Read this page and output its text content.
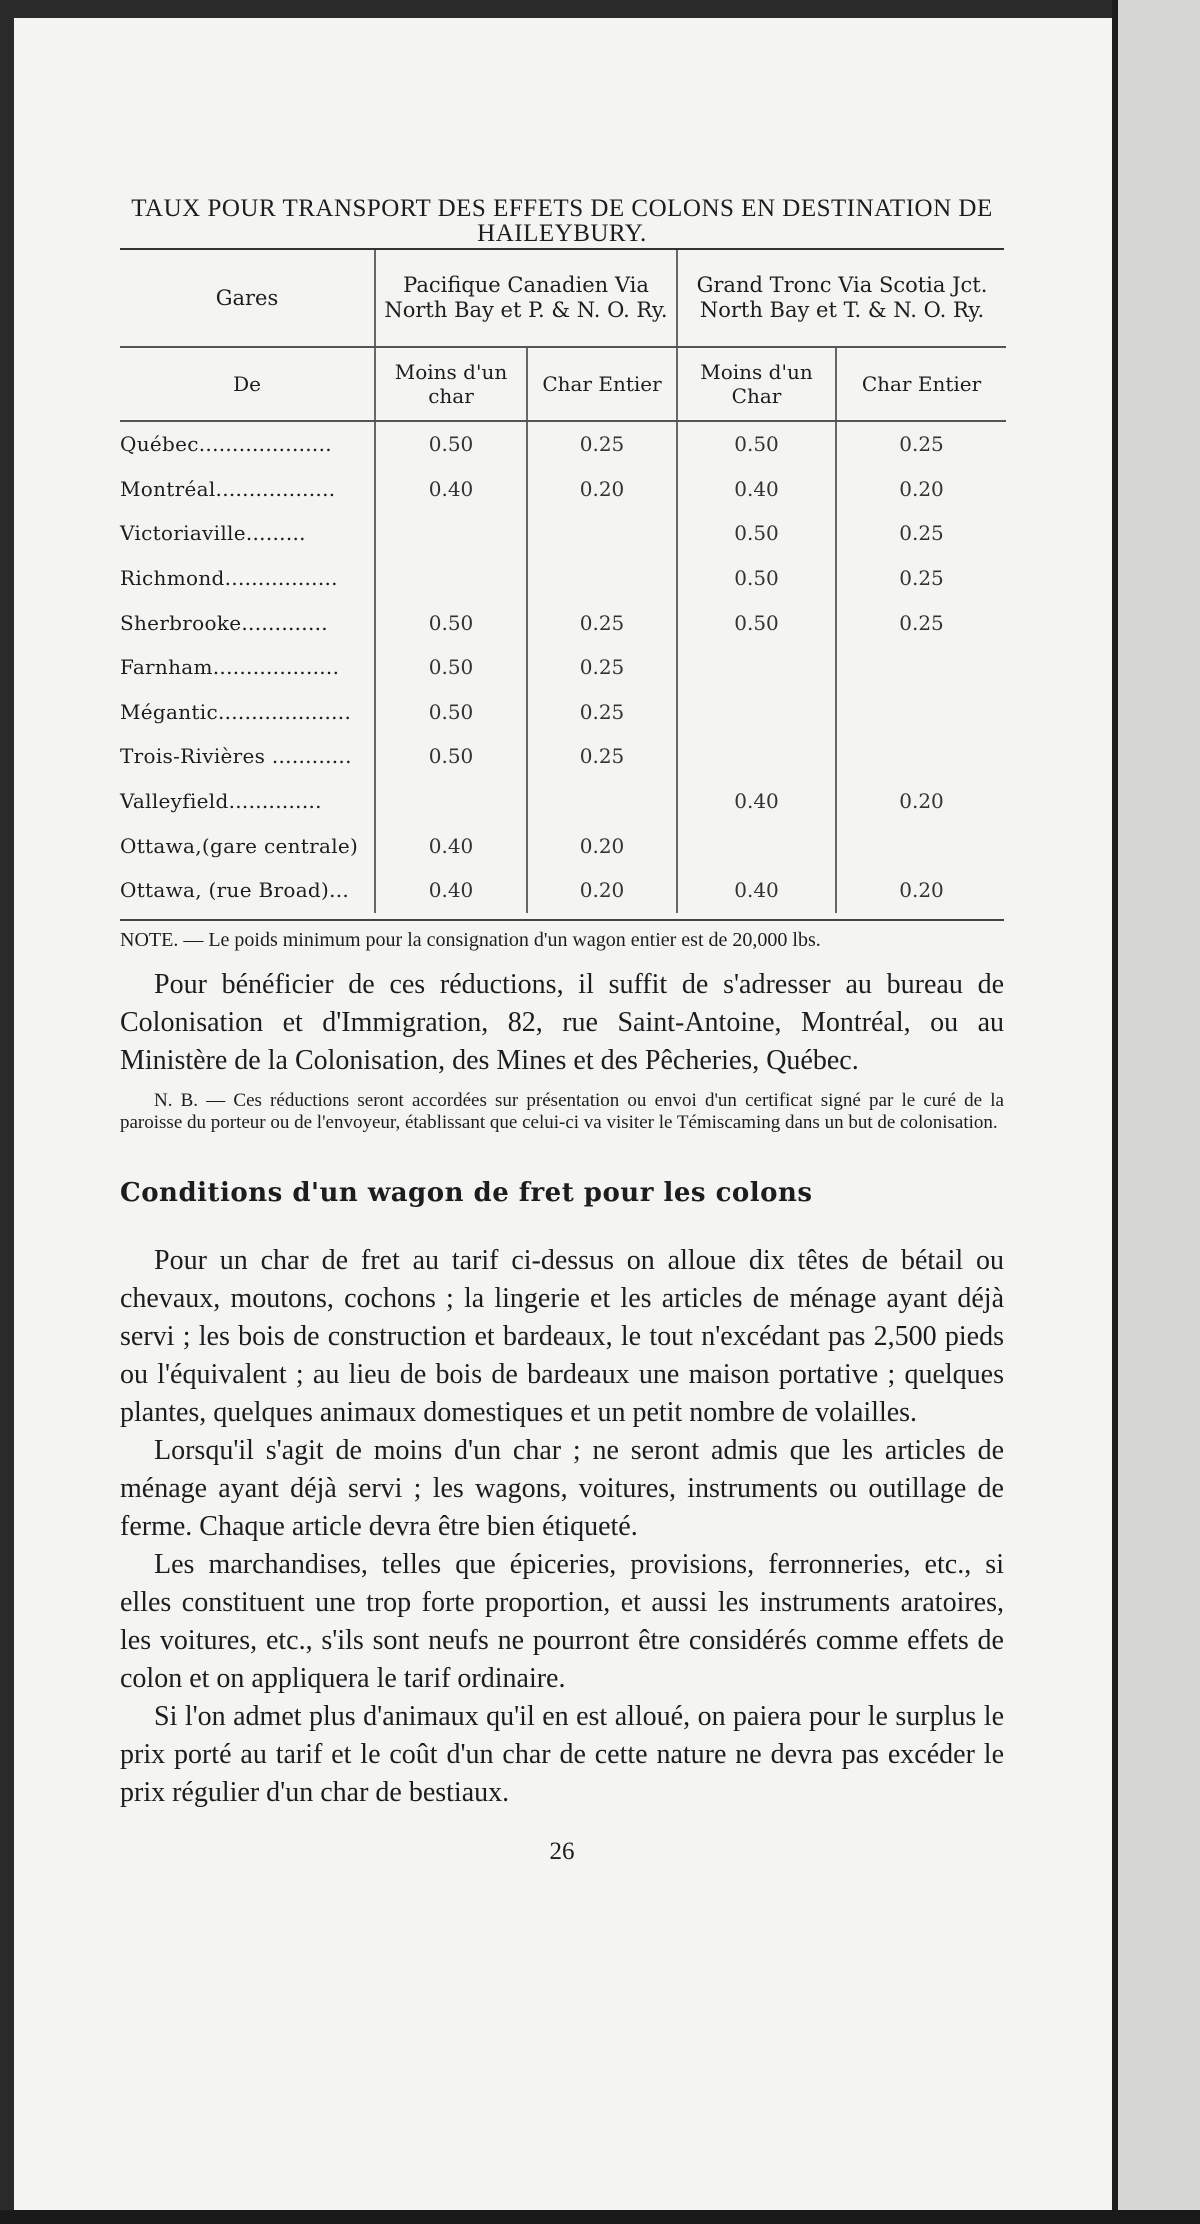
TAUX POUR TRANSPORT DES EFFETS DE COLONS EN DESTINATION DE HAILEYBURY.

Gares	Pacifique Canadien Via North Bay et P. & N. O. Ry.		Grand Tronc Via Scotia Jct. North Bay et T. & N. O. Ry.	
De	Moins d'un char	Char Entier	Moins d'un Char	Char Entier
Québec....................	0.50	0.25	0.50	0.25
Montréal..................	0.40	0.20	0.40	0.20
Victoriaville.........			0.50	0.25
Richmond.................			0.50	0.25
Sherbrooke.............	0.50	0.25	0.50	0.25
Farnham...................	0.50	0.25		
Mégantic....................	0.50	0.25		
Trois-Rivières ............	0.50	0.25		
Valleyfield..............			0.40	0.20
Ottawa,(gare centrale)	0.40	0.20		
Ottawa, (rue Broad)...	0.40	0.20	0.40	0.20

NOTE. — Le poids minimum pour la consignation d'un wagon entier est de 20,000 lbs.

Pour bénéficier de ces réductions, il suffit de s'adresser au bureau de Colonisation et d'Immigration, 82, rue Saint-Antoine, Montréal, ou au Ministère de la Colonisation, des Mines et des Pêcheries, Québec.

N. B. — Ces réductions seront accordées sur présentation ou envoi d'un certificat signé par le curé de la paroisse du porteur ou de l'envoyeur, établissant que celui-ci va visiter le Témiscaming dans un but de colonisation.

Conditions d'un wagon de fret pour les colons

Pour un char de fret au tarif ci-dessus on alloue dix têtes de bétail ou chevaux, moutons, cochons ; la lingerie et les articles de ménage ayant déjà servi ; les bois de construction et bardeaux, le tout n'excédant pas 2,500 pieds ou l'équivalent ; au lieu de bois de bardeaux une maison portative ; quelques plantes, quelques animaux domestiques et un petit nombre de volailles.

Lorsqu'il s'agit de moins d'un char ; ne seront admis que les articles de ménage ayant déjà servi ; les wagons, voitures, instruments ou outillage de ferme. Chaque article devra être bien étiqueté.

Les marchandises, telles que épiceries, provisions, ferronneries, etc., si elles constituent une trop forte proportion, et aussi les instruments aratoires, les voitures, etc., s'ils sont neufs ne pourront être considérés comme effets de colon et on appliquera le tarif ordinaire.

Si l'on admet plus d'animaux qu'il en est alloué, on paiera pour le surplus le prix porté au tarif et le coût d'un char de cette nature ne devra pas excéder le prix régulier d'un char de bestiaux.

26
